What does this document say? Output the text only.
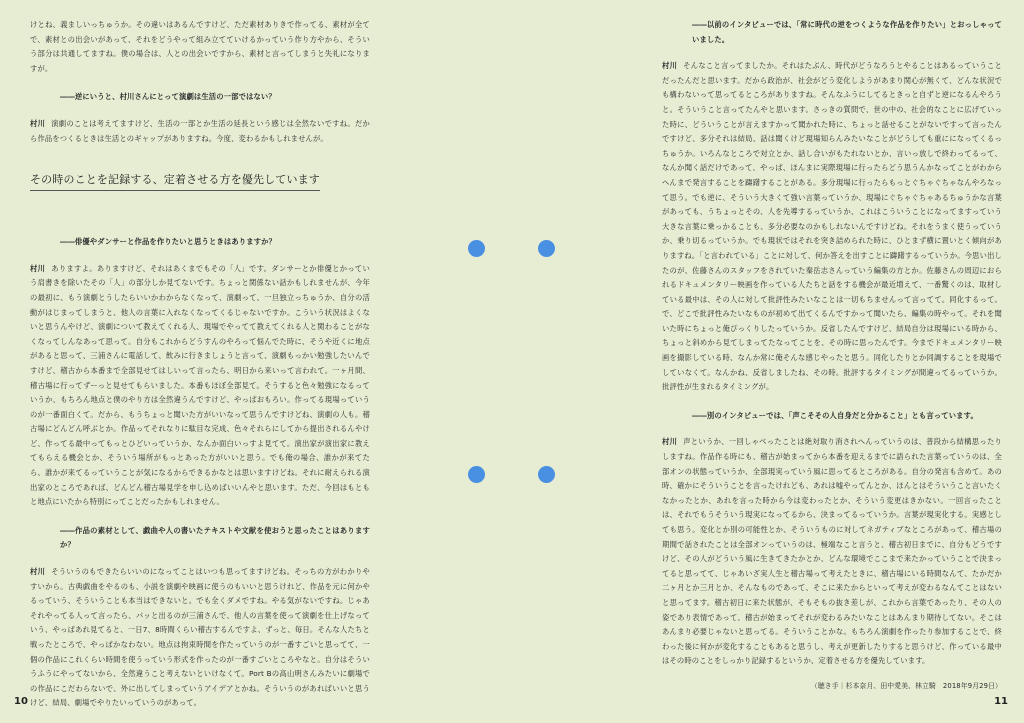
けとね、義ましいっちゅうか。その違いはあるんですけど、ただ素材ありきで作ってる、素材が全てで、素材との出会いがあって、それをどうやって組み立てていけるかっていう作り方やから、そういう部分は共通してますね。僕の場合は、人との出会いですから、素材と言ってしまうと失礼になりますが。

――逆にいうと、村川さんにとって演劇は生活の一部ではない？

村川 演劇のことは考えてますけど、生活の一部とか生活の延長という感じは全然ないですね。だから作品をつくるときは生活とのギャップがありますね。今度、変わるかもしれませんが。

その時のことを記録する、定着させる方を優先しています

――俳優やダンサーと作品を作りたいと思うときはありますか？

村川 ありますよ。ありますけど、それはあくまでもその「人」です。ダンサーとか俳優とかっていう肩書きを除いたその「人」の部分しか見てないです。ちょっと関係ない話かもしれませんが、今年の最初に、もう演劇とうしたらいいかわからなくなって、演劇って、一旦独立っちゅうか、自分の活動がはじまってしまうと、他人の言葉に入れなくなってくるじゃないですか。こういう状況はよくないと思うんやけど、演劇について教えてくれる人、現場でやってて教えてくれる人と関わることがなくなってしんなあって思って。自分もこれからどうすんのやろって悩んでた時に、そうや近くに地点があると思って、三浦さんに電話して、飲みに行きましょうと言って、演劇もっかい勉強したいんですけど、稽古から本番まで全部見せてはしいって言ったら、明日から来いって言われて。一ヶ月間、稽古場に行ってずーっと見せてもらいました。本番もほぼ全部見て。そうすると色々勉強になるっていうか、もちろん地点と僕のやり方は全然違うんですけど、やっぱおもろい。作ってる現場っていうのが一番面白くて。だから、もうちょっと聞いた方がいいなって思うんですけどね、演劇の人も。稽古場にどんどん呼ぶとか。作品ってそれなりに駄目な完成、色々それらにしてから提出されるんやけど、作ってる最中ってもっとひどいっていうか、なんか面白いっすよ見てて。演出家が演出家に教えてもらえる機会とか、そういう場所がもっとあった方がいいと思う。でも俺の場合、誰かが来てたら、誰かが来てるっていうことが気になるからできるかなとは思いますけどね。それに耐えられる演出家のところであれば、どんどん稽古場見学を申し込めばいいんやと思います。ただ、今回はもともと地点にいたから特別にってことだったかもしれません。

――作品の素材として、戯曲や人の書いたテキストや文献を使おうと思ったことはありますか？

村川 そういうのもできたらいいのになってことはいつも思ってますけどね。そっちの方がわかりやすいから。古典戯曲をやるのも、小説を演劇や映画に使うのもいいと思うけれど、作品を元に何かやるっていう、そういうことも本当はできないと。でも全くダメですね。やる気がないですね。じゃあそれやってる人って言ったら、パッと出るのが三浦さんで、他人の言葉を使って演劇を仕上げなっていう、やっぱあれ見てると、一日7、8時間くらい稽古するんですよ、ずっと、毎日。そんな人たちと戦ったところで、やっぱかなわない。地点は拘束時間を作たっていうのが一番すごいと思ってて、一個の作品にこれくらい時間を使うっていう形式を作ったのが一番すごいところやなと。自分はそういうふうにやってないから、全然違うこと考えないといけなくて。Port Bの高山明さんみたいに劇場での作品にこだわらないで、外に出してしまっていうアイデアとかね。そういうのがあればいいと思うけど、結局、劇場でやりたいっていうのがあって。

10

――以前のインタビューでは、「常に時代の逆をつくような作品を作りたい」とおっしゃっていました。

村川 そんなこと言ってましたか。それはたぶん、時代がどうなろうとやることはあるっていうことだったんだと思います。だから政治が、社会がどう変化しようがあまり関心が無くて、どんな状況でも構わないって思ってるところがありますね。そんなふうにしてるときっと自ずと逆になるんやろうと。そういうこと言ってたんやと思います。さっきの質問で、世の中の、社会的なことに広げていった時に、どういうことが言えますかって聞かれた時に、ちょっと話せることがないですって言ったんですけど、多分それは結局、話は聞くけど現場知らんみたいなことがどうしても重にになってくるっちゅうか。いろんなところで対立とか、話し合いがもたれないとか、言いっ放しで終わってるって、なんか聞く話だけであって、やっぱ、ほんまに実際現場に行ったらどう思うんかなってことがわからへんまで発言することを躊躇することがある。多分現場に行ったらもっとぐちゃぐちゃなんやろなって思う。でも逆に、そういう大きくて強い言葉っていうか、現場にぐちゃぐちゃあるちゅうかな言葉があっても、うちょっとその、人を先導するっていうか、これはこういうことになってますっていう大きな言葉に乗っかることも、多分必要なのかもしれないんですけどね。それをうまく使うっていうか、乗り切るっていうか。でも現状ではそれを突き詰められた時に、ひとまず横に置いとく傾向がありますね。「と言われている」ことに対して、何か答えを出すことに躊躇するっていうか。今思い出したのが、佐藤さんのスタッフをされていた秦岳志さんっていう編集の方とか。佐藤さんの周辺におられるドキュメンタリー映画を作っている人たちと話をする機会が最近増えて、一番驚くのは、取材している最中は、その人に対して批評性みたいなことは一切もちませんって言ってて。同化するって。で、どこで批評性みたいなものが初めて出てくるんですかって聞いたら、編集の時やって。それを聞いた時にちょっと俺ぴっくりしたっていうか。反省したんですけど、結局自分は現場にいる時から、ちょっと斜めから見てしまってたなってことを、その時に思ったんです。今までドキュメンタリー映画を撮影している時、なんか常に俺そんな感じやったと思う。同化したりとか同調することを現場でしていなくて。なんかね、反省しましたね、その時。批評するタイミングが間違ってるっていうか。批評性が生まれるタイミングが。

――別のインタビューでは、「声こそその人自身だと分かること」とも言っています。

村川 声というか、一回しゃべったことは絶対取り消されへんっていうのは、普段から結構思ったりしますね。作品作る時にも、稽古が始まってから本番を迎えるまでに語られた言葉っていうのは、全部オンの状態っていうか、全部現実っていう風に思ってるところがある。自分の発言も含めて。あの時、確かにそういうことを言ったけれども、あれは嘘やってんとか、ほんとはそういうこと言いたくなかったとか、あれを言った時から今は変わったとか、そういう変更はきかない。一回言ったことは、それでもうそういう現実になってるから、決まってるっていうか。言葉が現実化する。実感としても思う。変化とか別の可能性とか、そういうものに対してネガティブなところがあって、稽古場の期間で話されたことは全部オンっていうのは、極端なこと言うと、稽古初日までに、自分もどうですけど、その人がどういう風に生きてきたかとか、どんな環境でここまで来たかっていうことで決まってると思ってて、じゃあいざ実人生と稽古場って考えたときに、稽古場にいる時間なんて、たかだか二ヶ月とか三月とか、そんなものであって、そこに来たからといって考えが変わるなんてことはないと思ってます。稽古初日に来た状態が、そもそもの抜き差しが、これから言葉であったり、その人の姿であり表情であって、稽古が始まってそれが変わるみたいなことはあんまり期待してない。そこはあんまり必要じゃないと思ってる。そういうことかな。もちろん演劇を作ったり参加することで、終わった後に何かが変化することもあると思うし、考えが更新したりすると思うけど、作っている最中はその時のことをしっかり記録するというか、定着させる方を優先しています。

（聴き手｜杉本奈月、田中愛美、林立騎　2018年9月29日）

11
